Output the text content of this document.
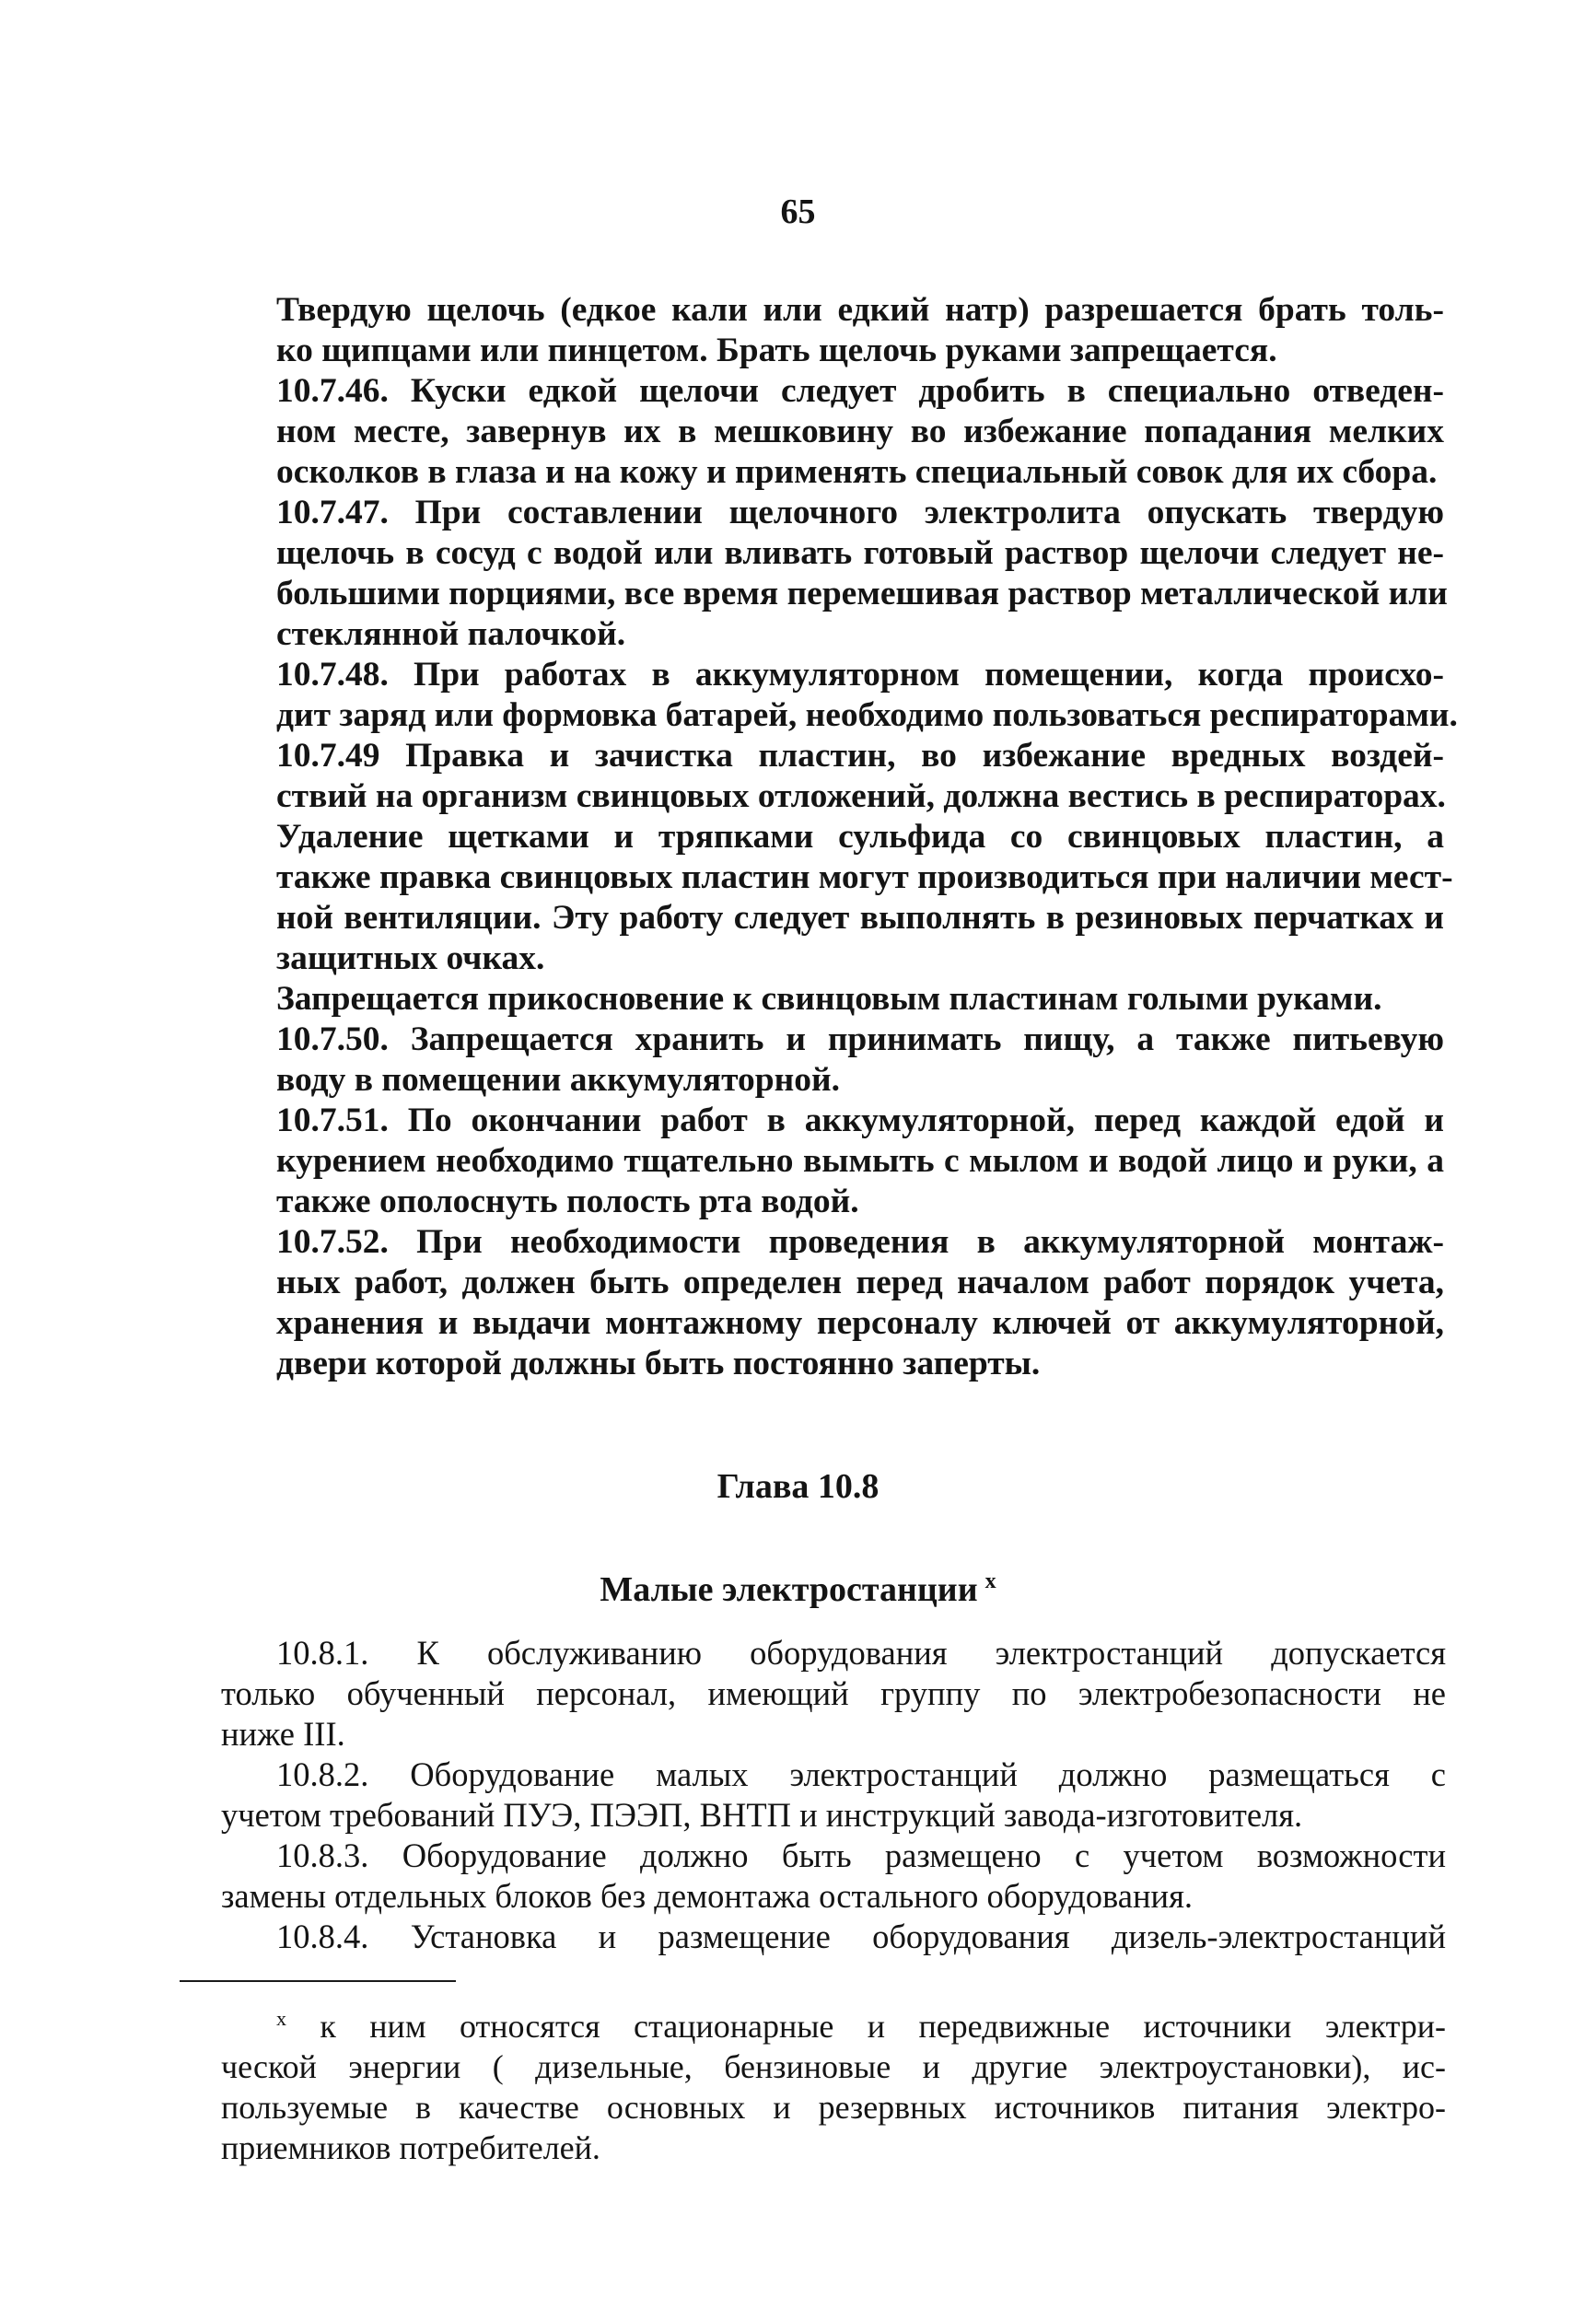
65
Твердую щелочь (едкое кали или едкий натр) разрешается брать толь-
ко щипцами или пинцетом. Брать щелочь руками запрещается.
10.7.46. Куски едкой щелочи следует дробить в специально отведен-
ном месте, завернув их в мешковину во избежание попадания мелких
осколков в глаза и на кожу и применять специальный совок для их сбора.
10.7.47. При составлении щелочного электролита опускать твердую
щелочь в сосуд с водой или вливать готовый раствор щелочи следует не-
большими порциями, все время перемешивая раствор металлической или
стеклянной палочкой.
10.7.48. При работах в аккумуляторном помещении, когда происхо-
дит заряд или формовка батарей, необходимо пользоваться респираторами.
10.7.49 Правка и зачистка пластин, во избежание вредных воздей-
ствий на организм свинцовых отложений, должна вестись в респираторах.
Удаление щетками и тряпками сульфида со свинцовых пластин, а
также правка свинцовых пластин могут производиться при наличии мест-
ной вентиляции. Эту работу следует выполнять в резиновых перчатках и
защитных очках.
Запрещается прикосновение к свинцовым пластинам голыми руками.
10.7.50. Запрещается хранить и принимать пищу, а также питьевую
воду в помещении аккумуляторной.
10.7.51. По окончании работ в аккумуляторной, перед каждой едой и
курением необходимо тщательно вымыть с мылом и водой лицо и руки, а
также ополоснуть полость рта водой.
10.7.52. При необходимости проведения в аккумуляторной монтаж-
ных работ, должен быть определен перед началом работ порядок учета,
хранения и выдачи монтажному персоналу ключей от аккумуляторной,
двери которой должны быть постоянно заперты.
Глава 10.8
Малые электростанции $^x$
10.8.1. К обслуживанию оборудования электростанций допускается
только обученный персонал, имеющий группу по электробезопасности не
ниже III.
10.8.2. Оборудование малых электростанций должно размещаться с
учетом требований ПУЭ, ПЭЭП, ВНТП и инструкций завода-изготовителя.
10.8.3. Оборудование должно быть размещено с учетом возможности
замены отдельных блоков без демонтажа остального оборудования.
10.8.4. Установка и размещение оборудования дизель-электростанций
$^x$ к ним относятся стационарные и передвижные источники электри-
ческой энергии ( дизельные, бензиновые и другие электроустановки), ис-
пользуемые в качестве основных и резервных источников питания электро-
приемников потребителей.
